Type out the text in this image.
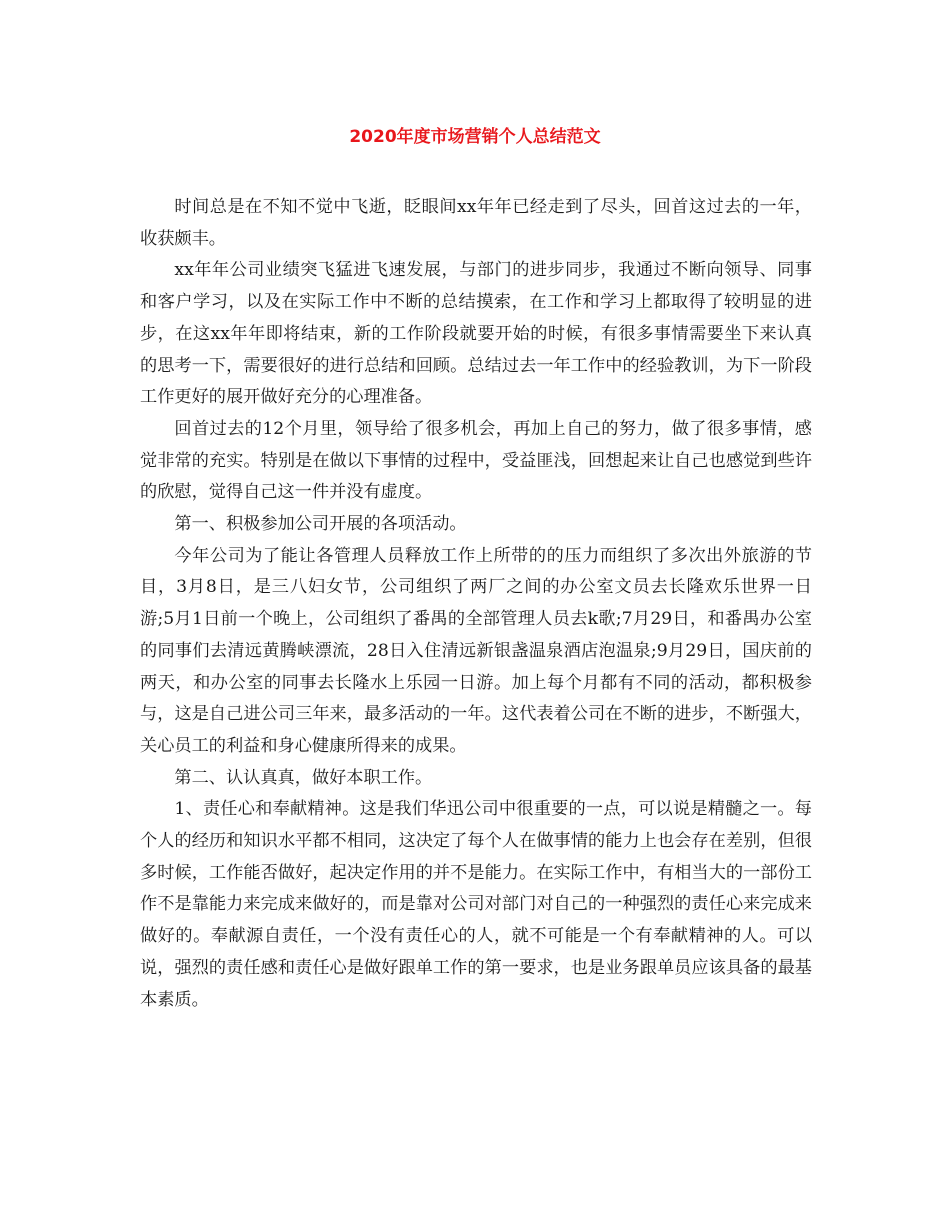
2020年度市场营销个人总结范文

时间总是在不知不觉中飞逝，眨眼间xx年年已经走到了尽头，回首这过去的一年，收获颇丰。

xx年年公司业绩突飞猛进飞速发展，与部门的进步同步，我通过不断向领导、同事和客户学习，以及在实际工作中不断的总结摸索，在工作和学习上都取得了较明显的进步，在这xx年年即将结束，新的工作阶段就要开始的时候，有很多事情需要坐下来认真的思考一下，需要很好的进行总结和回顾。总结过去一年工作中的经验教训，为下一阶段工作更好的展开做好充分的心理准备。

回首过去的12个月里，领导给了很多机会，再加上自己的努力，做了很多事情，感觉非常的充实。特别是在做以下事情的过程中，受益匪浅，回想起来让自己也感觉到些许的欣慰，觉得自己这一件并没有虚度。

第一、积极参加公司开展的各项活动。

今年公司为了能让各管理人员释放工作上所带的的压力而组织了多次出外旅游的节目，3月8日，是三八妇女节，公司组织了两厂之间的办公室文员去长隆欢乐世界一日游;5月1日前一个晚上，公司组织了番禺的全部管理人员去k歌;7月29日，和番禺办公室的同事们去清远黄腾峡漂流，28日入住清远新银盏温泉酒店泡温泉;9月29日，国庆前的两天，和办公室的同事去长隆水上乐园一日游。加上每个月都有不同的活动，都积极参与，这是自己进公司三年来，最多活动的一年。这代表着公司在不断的进步，不断强大，关心员工的利益和身心健康所得来的成果。

第二、认认真真，做好本职工作。

1、责任心和奉献精神。这是我们华迅公司中很重要的一点，可以说是精髓之一。每个人的经历和知识水平都不相同，这决定了每个人在做事情的能力上也会存在差别，但很多时候，工作能否做好，起决定作用的并不是能力。在实际工作中，有相当大的一部份工作不是靠能力来完成来做好的，而是靠对公司对部门对自己的一种强烈的责任心来完成来做好的。奉献源自责任，一个没有责任心的人，就不可能是一个有奉献精神的人。可以说，强烈的责任感和责任心是做好跟单工作的第一要求，也是业务跟单员应该具备的最基本素质。
